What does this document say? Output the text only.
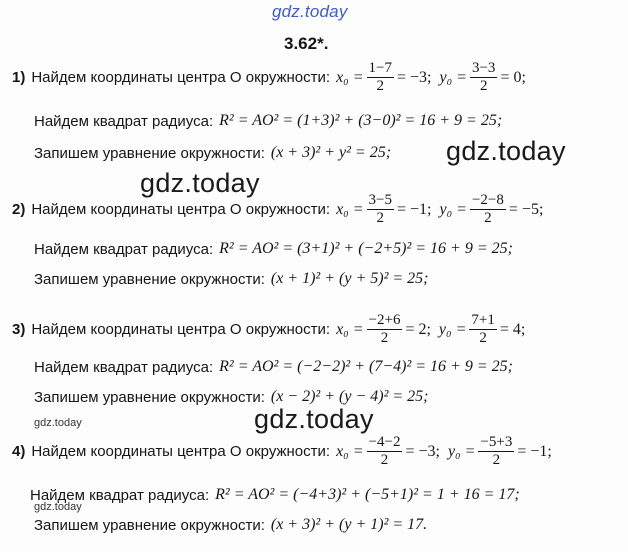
gdz.today
3.62*.
gdz.today
gdz.today
gdz.today
gdz.today
gdz.today
1) Найдем координаты центра O окружности: $x_0 = \frac{1-7}{2} = -3$; $y_0 = \frac{3-3}{2} = 0$;
Найдем квадрат радиуса: R² = AO² = (1+3)² + (3−0)² = 16 + 9 = 25;
Запишем уравнение окружности: (x + 3)² + y² = 25;
2) Найдем координаты центра O окружности: $x_0 = \frac{3-5}{2} = -1$; $y_0 = \frac{-2-8}{2} = -5$;
Найдем квадрат радиуса: R² = AO² = (3+1)² + (−2+5)² = 16 + 9 = 25;
Запишем уравнение окружности: (x + 1)² + (y + 5)² = 25;
3) Найдем координаты центра O окружности: $x_0 = \frac{-2+6}{2} = 2$; $y_0 = \frac{7+1}{2} = 4$;
Найдем квадрат радиуса: R² = AO² = (−2−2)² + (7−4)² = 16 + 9 = 25;
Запишем уравнение окружности: (x − 2)² + (y − 4)² = 25;
4) Найдем координаты центра O окружности: $x_0 = \frac{-4-2}{2} = -3$; $y_0 = \frac{-5+3}{2} = -1$;
Найдем квадрат радиуса: R² = AO² = (−4+3)² + (−5+1)² = 1 + 16 = 17;
Запишем уравнение окружности: (x + 3)² + (y + 1)² = 17.
